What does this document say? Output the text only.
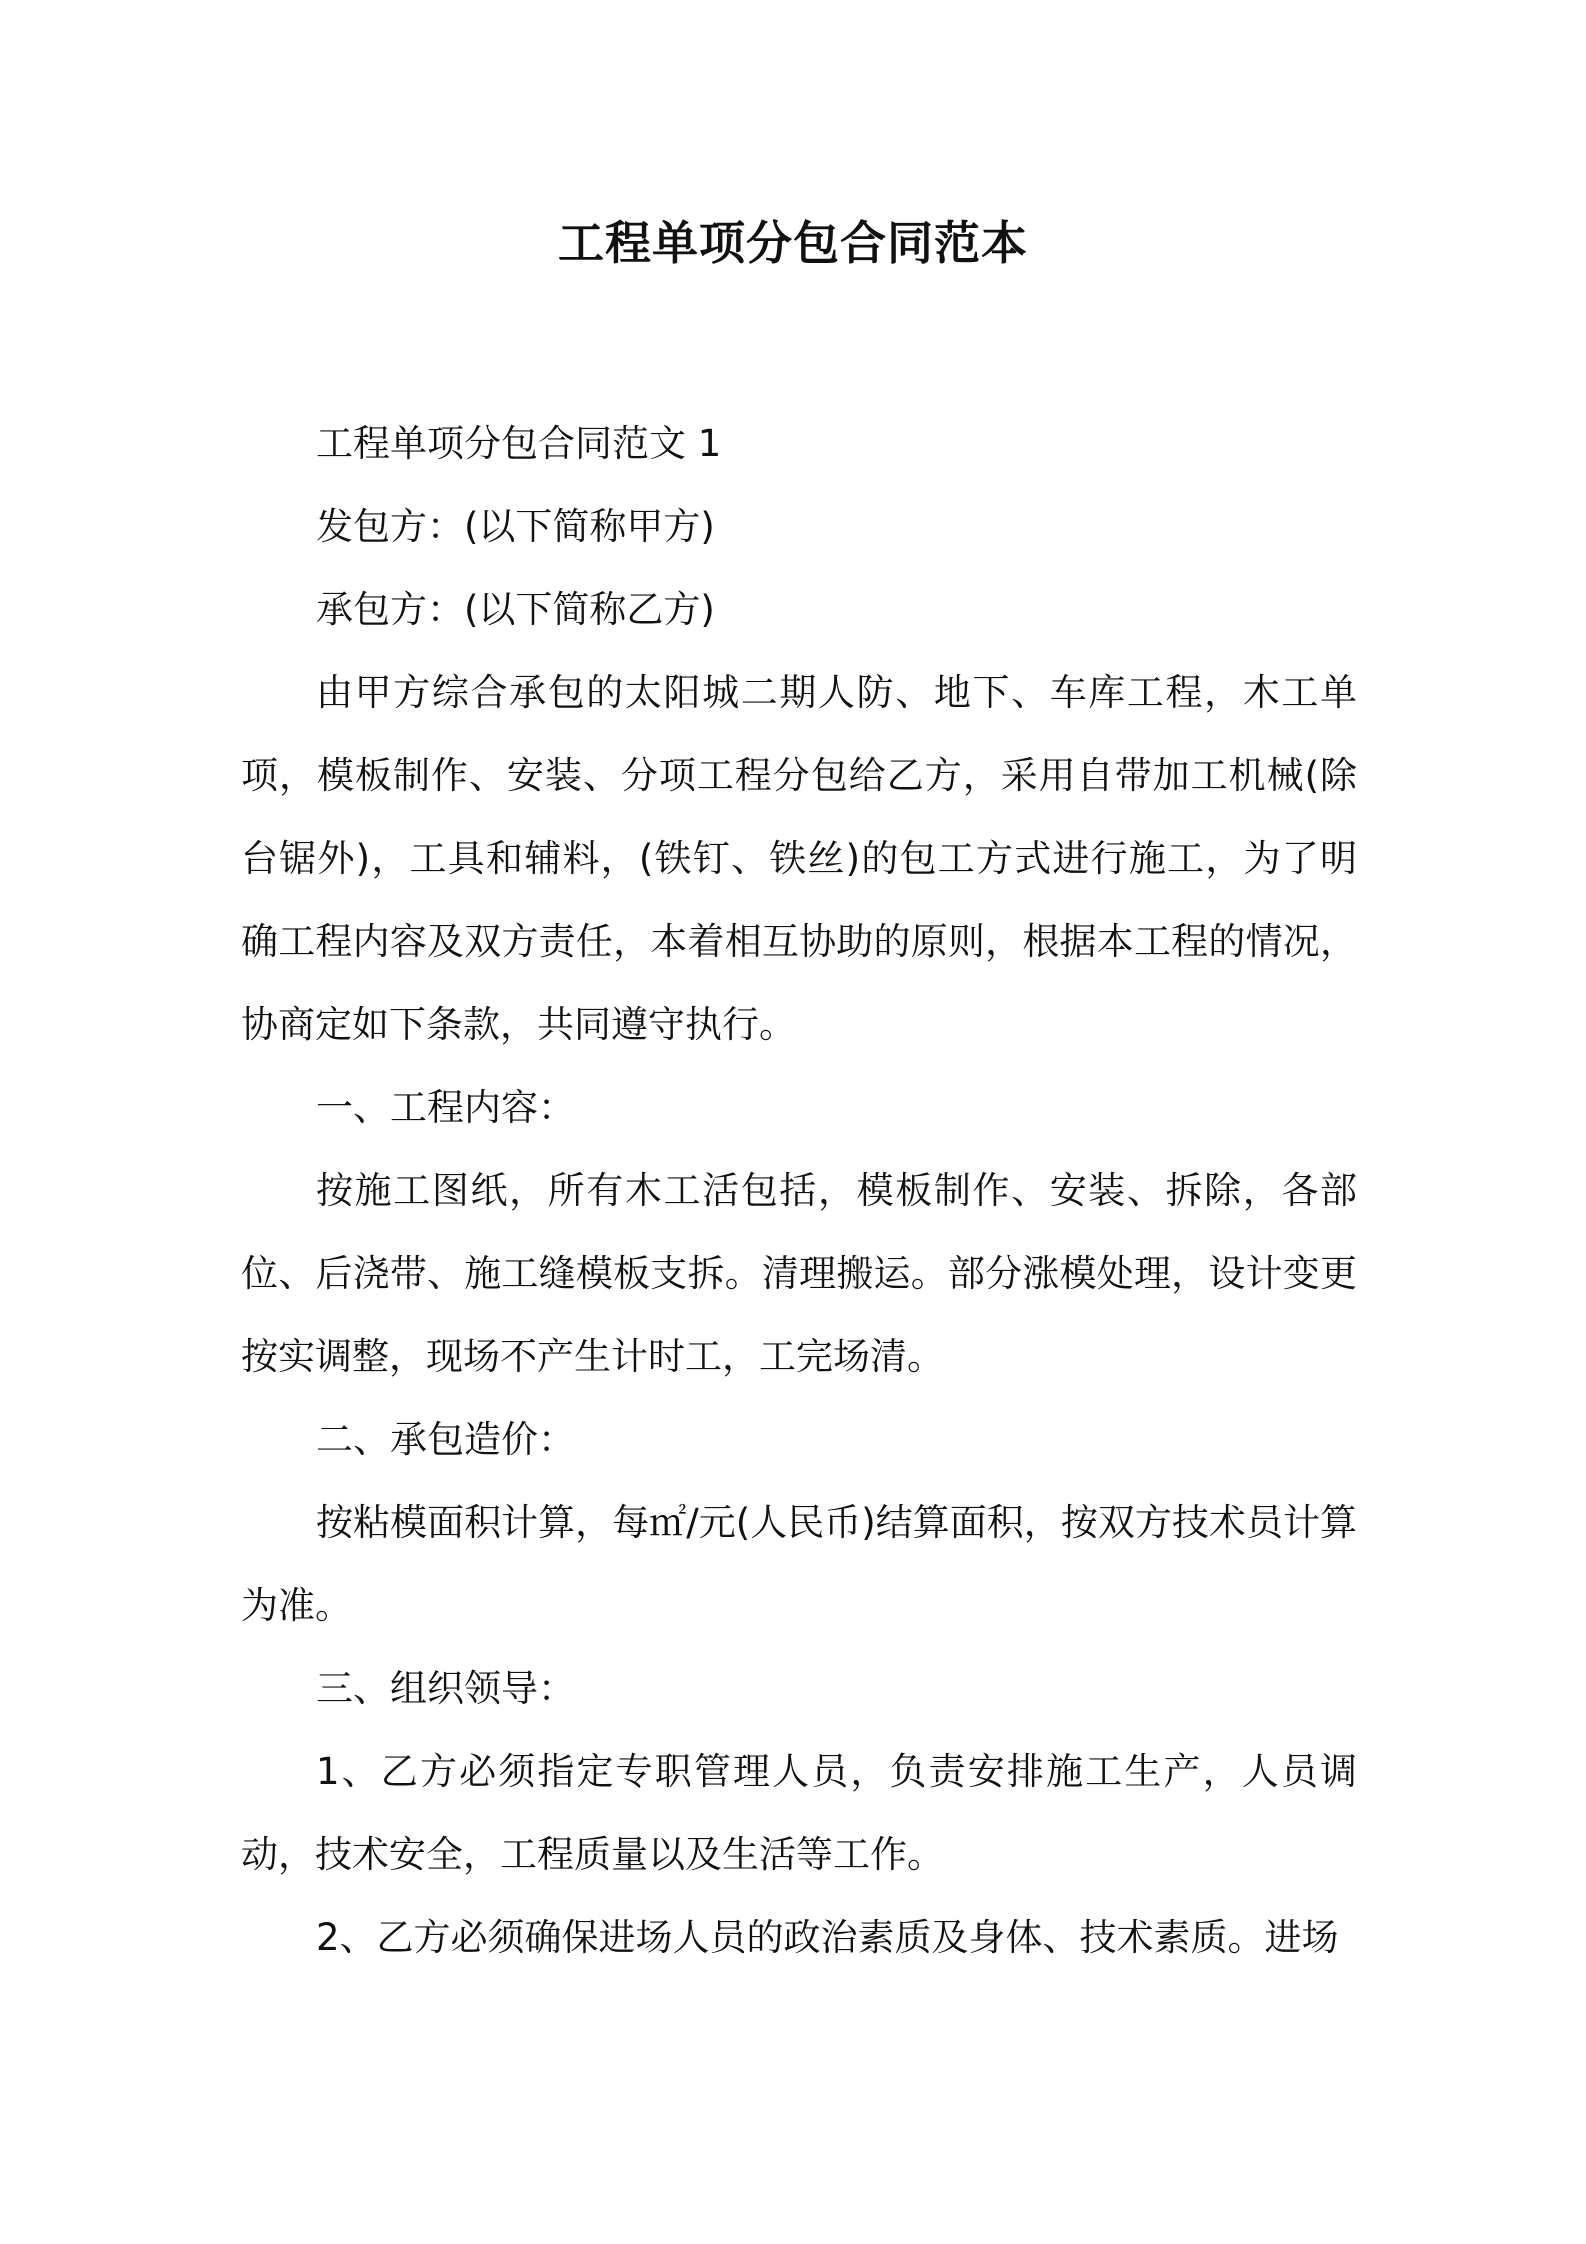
工程单项分包合同范本

工程单项分包合同范文 1

发包方：(以下简称甲方)

承包方：(以下简称乙方)

由甲方综合承包的太阳城二期人防、地下、车库工程，木工单项，模板制作、安装、分项工程分包给乙方，采用自带加工机械(除台锯外)，工具和辅料，(铁钉、铁丝)的包工方式进行施工，为了明确工程内容及双方责任，本着相互协助的原则，根据本工程的情况，协商定如下条款，共同遵守执行。

一、工程内容：

按施工图纸，所有木工活包括，模板制作、安装、拆除，各部位、后浇带、施工缝模板支拆。清理搬运。部分涨模处理，设计变更按实调整，现场不产生计时工，工完场清。

二、承包造价：

按粘模面积计算，每㎡/元(人民币)结算面积，按双方技术员计算为准。

三、组织领导：

1、乙方必须指定专职管理人员，负责安排施工生产，人员调动，技术安全，工程质量以及生活等工作。

2、乙方必须确保进场人员的政治素质及身体、技术素质。进场
